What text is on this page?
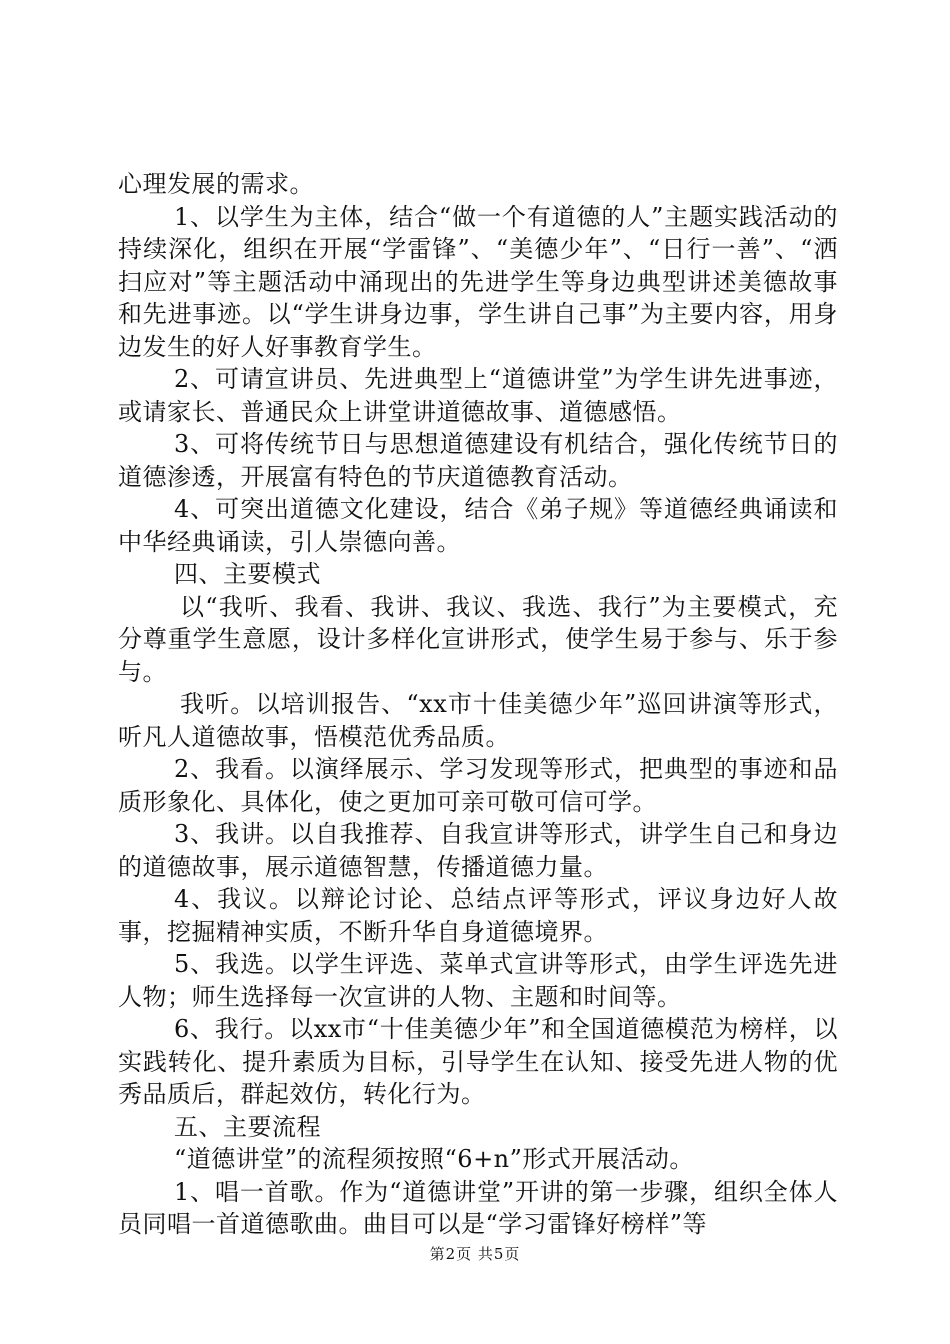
心理发展的需求。

1、以学生为主体，结合“做一个有道德的人”主题实践活动的持续深化，组织在开展“学雷锋”、“美德少年”、“日行一善”、“洒扫应对”等主题活动中涌现出的先进学生等身边典型讲述美德故事和先进事迹。以“学生讲身边事，学生讲自己事”为主要内容，用身边发生的好人好事教育学生。

2、可请宣讲员、先进典型上“道德讲堂”为学生讲先进事迹，或请家长、普通民众上讲堂讲道德故事、道德感悟。

3、可将传统节日与思想道德建设有机结合，强化传统节日的道德渗透，开展富有特色的节庆道德教育活动。

4、可突出道德文化建设，结合《弟子规》等道德经典诵读和中华经典诵读，引人崇德向善。

四、主要模式

以“我听、我看、我讲、我议、我选、我行”为主要模式，充分尊重学生意愿，设计多样化宣讲形式，使学生易于参与、乐于参与。

我听。以培训报告、“xx市十佳美德少年”巡回讲演等形式，听凡人道德故事，悟模范优秀品质。

2、我看。以演绎展示、学习发现等形式，把典型的事迹和品质形象化、具体化，使之更加可亲可敬可信可学。

3、我讲。以自我推荐、自我宣讲等形式，讲学生自己和身边的道德故事，展示道德智慧，传播道德力量。

4、我议。以辩论讨论、总结点评等形式，评议身边好人故事，挖掘精神实质，不断升华自身道德境界。

5、我选。以学生评选、菜单式宣讲等形式，由学生评选先进人物；师生选择每一次宣讲的人物、主题和时间等。

6、我行。以xx市“十佳美德少年”和全国道德模范为榜样，以实践转化、提升素质为目标，引导学生在认知、接受先进人物的优秀品质后，群起效仿，转化行为。

五、主要流程

“道德讲堂”的流程须按照“6+n”形式开展活动。

1、唱一首歌。作为“道德讲堂”开讲的第一步骤，组织全体人员同唱一首道德歌曲。曲目可以是“学习雷锋好榜样”等

第2页 共5页
